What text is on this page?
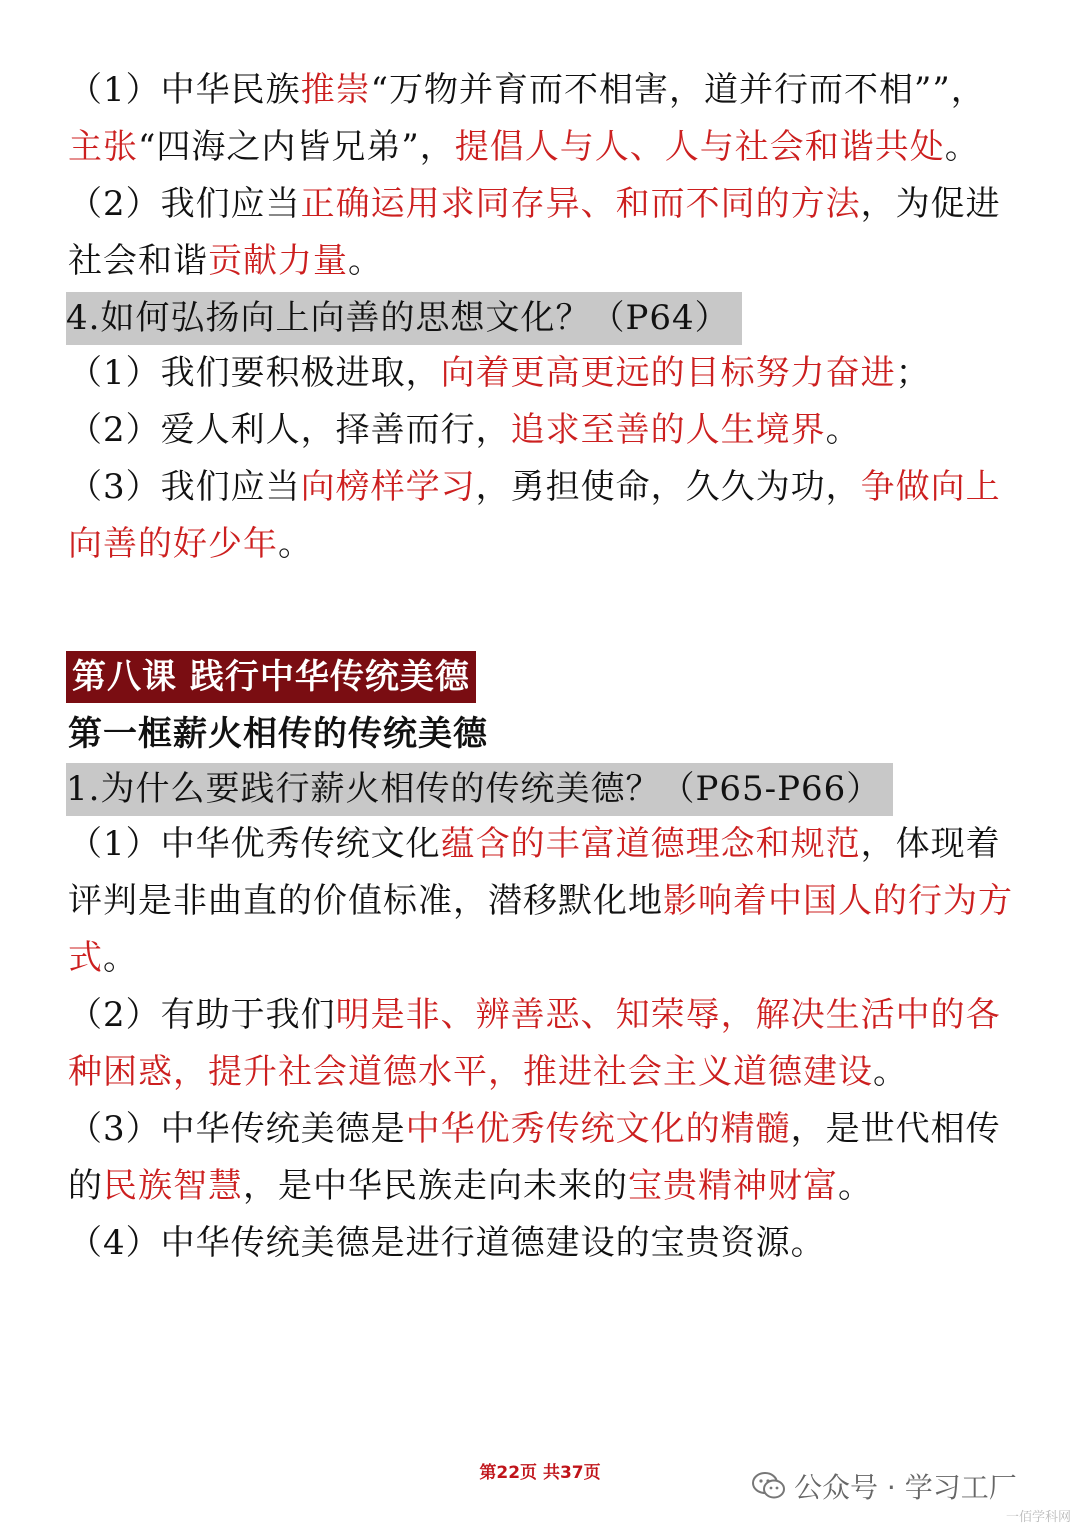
（1）中华民族推崇“万物并育而不相害，道并行而不相””，主张“四海之内皆兄弟”，提倡人与人、人与社会和谐共处。

（2）我们应当正确运用求同存异、和而不同的方法，为促进社会和谐贡献力量。

4.如何弘扬向上向善的思想文化？（P64）

（1）我们要积极进取，向着更高更远的目标努力奋进；

（2）爱人利人，择善而行，追求至善的人生境界。

（3）我们应当向榜样学习，勇担使命，久久为功，争做向上向善的好少年。

第八课 践行中华传统美德

第一框薪火相传的传统美德

1.为什么要践行薪火相传的传统美德？（P65-P66）

（1）中华优秀传统文化蕴含的丰富道德理念和规范，体现着评判是非曲直的价值标准，潜移默化地影响着中国人的行为方式。

（2）有助于我们明是非、辨善恶、知荣辱，解决生活中的各种困惑，提升社会道德水平，推进社会主义道德建设。

（3）中华传统美德是中华优秀传统文化的精髓，是世代相传的民族智慧，是中华民族走向未来的宝贵精神财富。

（4）中华传统美德是进行道德建设的宝贵资源。

第22页 共37页	公众号 · 学习工厂
一佰学科网
